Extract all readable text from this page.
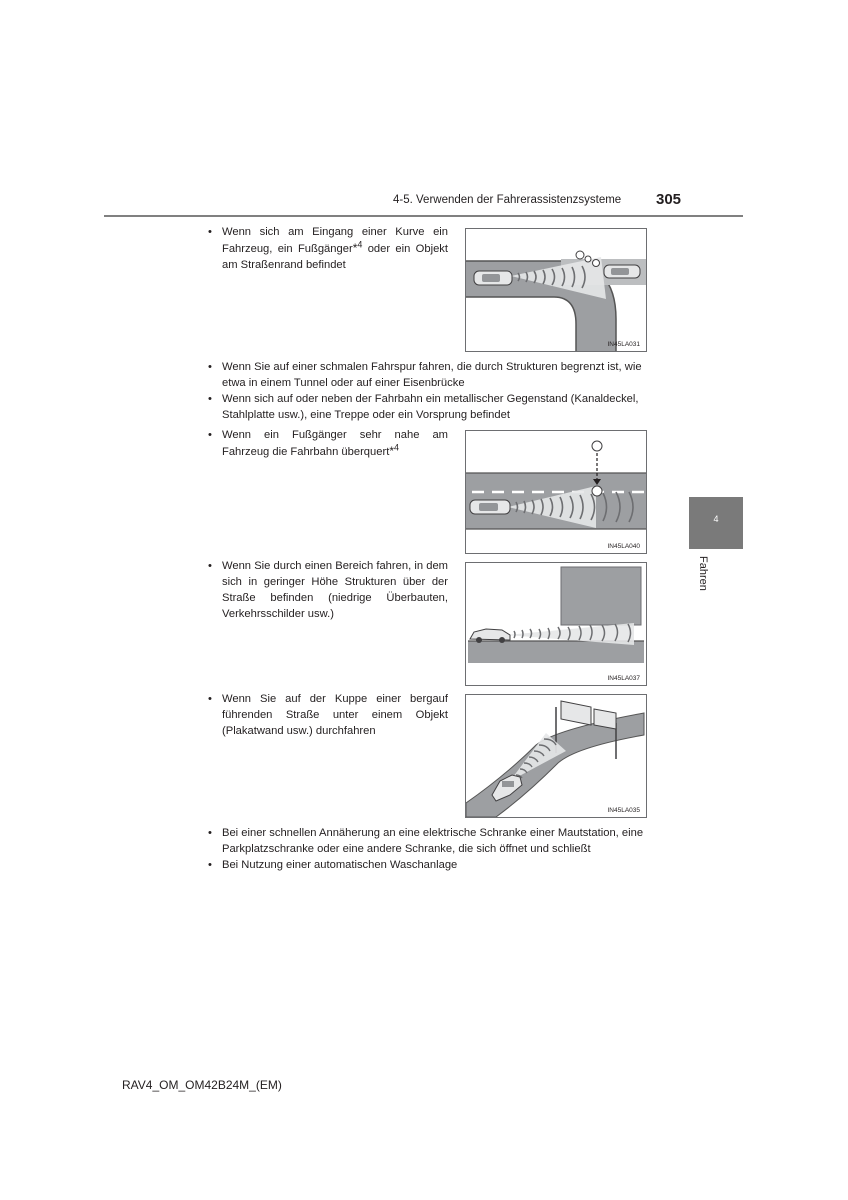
4-5. Verwenden der Fahrerassistenzsysteme 305
4
Fahren
• Wenn sich am Eingang einer Kurve ein Fahrzeug, ein Fußgänger*$^4$ oder ein Objekt am Straßenrand befindet
IN45LA031
• Wenn Sie auf einer schmalen Fahrspur fahren, die durch Strukturen begrenzt ist, wie etwa in einem Tunnel oder auf einer Eisenbrücke
• Wenn sich auf oder neben der Fahrbahn ein metallischer Gegenstand (Kanaldeckel, Stahlplatte usw.), eine Treppe oder ein Vorsprung befindet
• Wenn ein Fußgänger sehr nahe am Fahrzeug die Fahrbahn überquert*$^4$
IN45LA040
• Wenn Sie durch einen Bereich fahren, in dem sich in geringer Höhe Strukturen über der Straße befinden (niedrige Überbauten, Verkehrsschilder usw.)
IN45LA037
• Wenn Sie auf der Kuppe einer bergauf führenden Straße unter einem Objekt (Plakatwand usw.) durchfahren
IN45LA035
• Bei einer schnellen Annäherung an eine elektrische Schranke einer Mautstation, eine Parkplatzschranke oder eine andere Schranke, die sich öffnet und schließt
• Bei Nutzung einer automatischen Waschanlage
RAV4_OM_OM42B24M_(EM)
